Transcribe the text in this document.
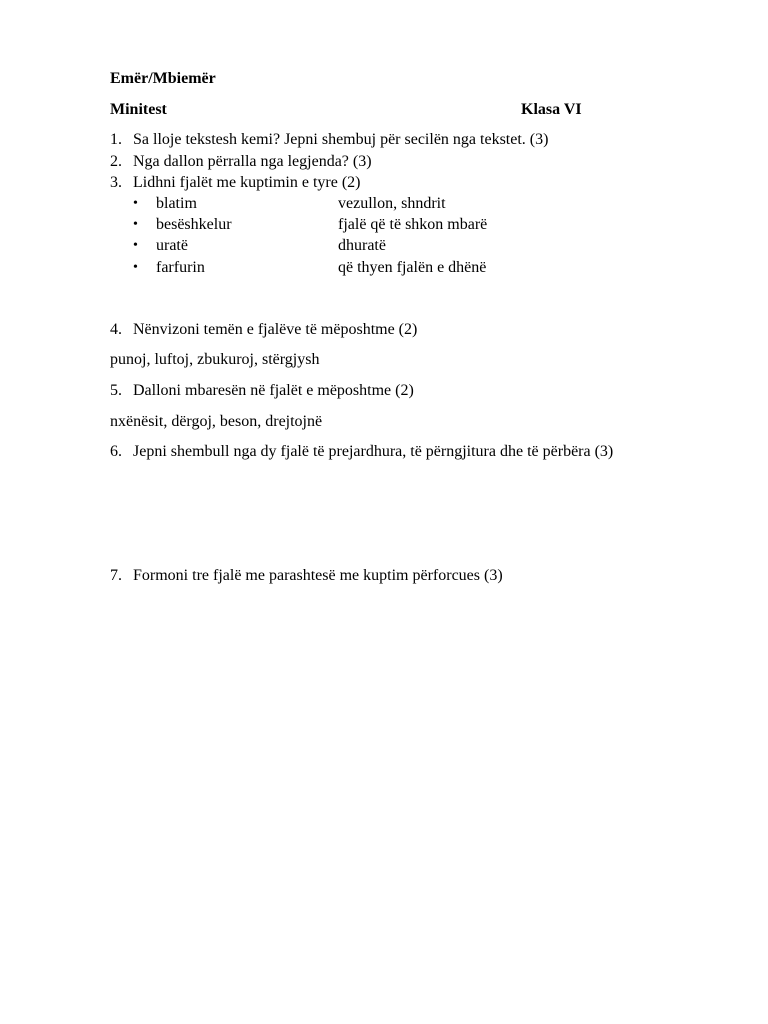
Emër/Mbiemër
Minitest	Klasa VI
1. Sa lloje tekstesh kemi? Jepni shembuj për secilën nga tekstet. (3)
2. Nga dallon përralla nga legjenda? (3)
3. Lidhni fjalët me kuptimin e tyre (2)
• blatim	vezullon, shndrit
• besëshkelur	fjalë që të shkon mbarë
• uratë	dhuratë
• farfurin	që thyen fjalën e dhënë
4. Nënvizoni temën e fjalëve të mëposhtme (2)
punoj, luftoj, zbukuroj, stërgjysh
5. Dalloni mbaresën në fjalët e mëposhtme (2)
nxënësit, dërgoj, beson, drejtojnë
6. Jepni shembull nga dy fjalë të prejardhura, të përngjitura dhe të përbëra (3)
7. Formoni tre fjalë me parashtesë me kuptim përforcues (3)
